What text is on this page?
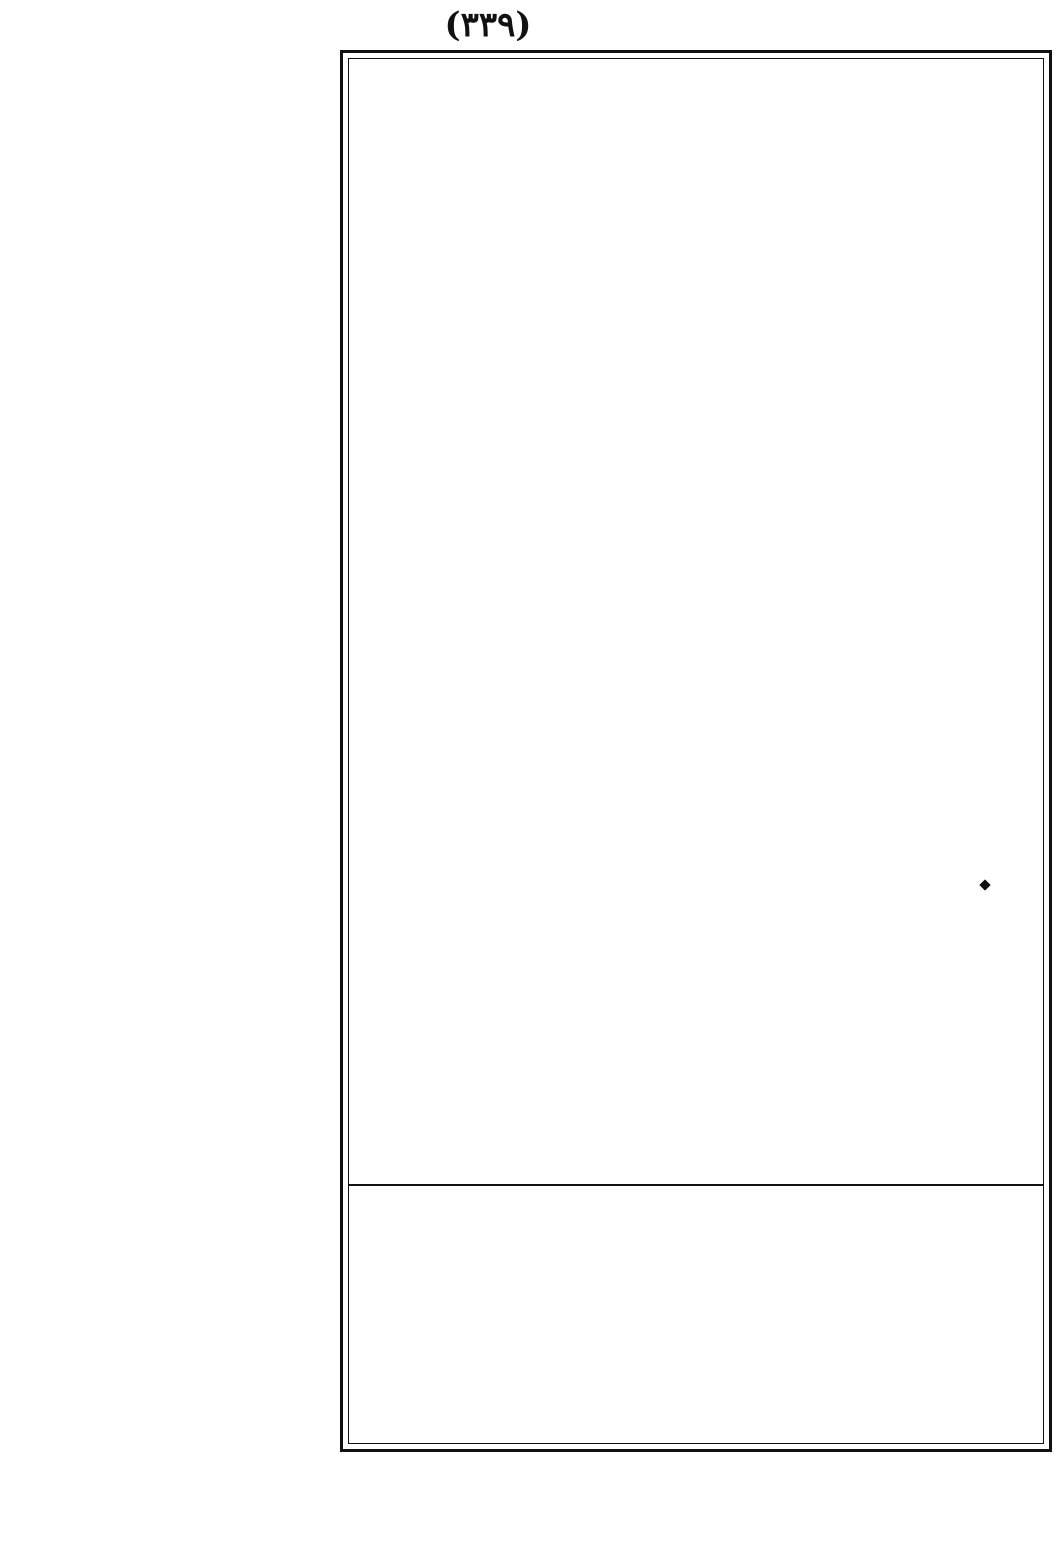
(٣٣٩)
